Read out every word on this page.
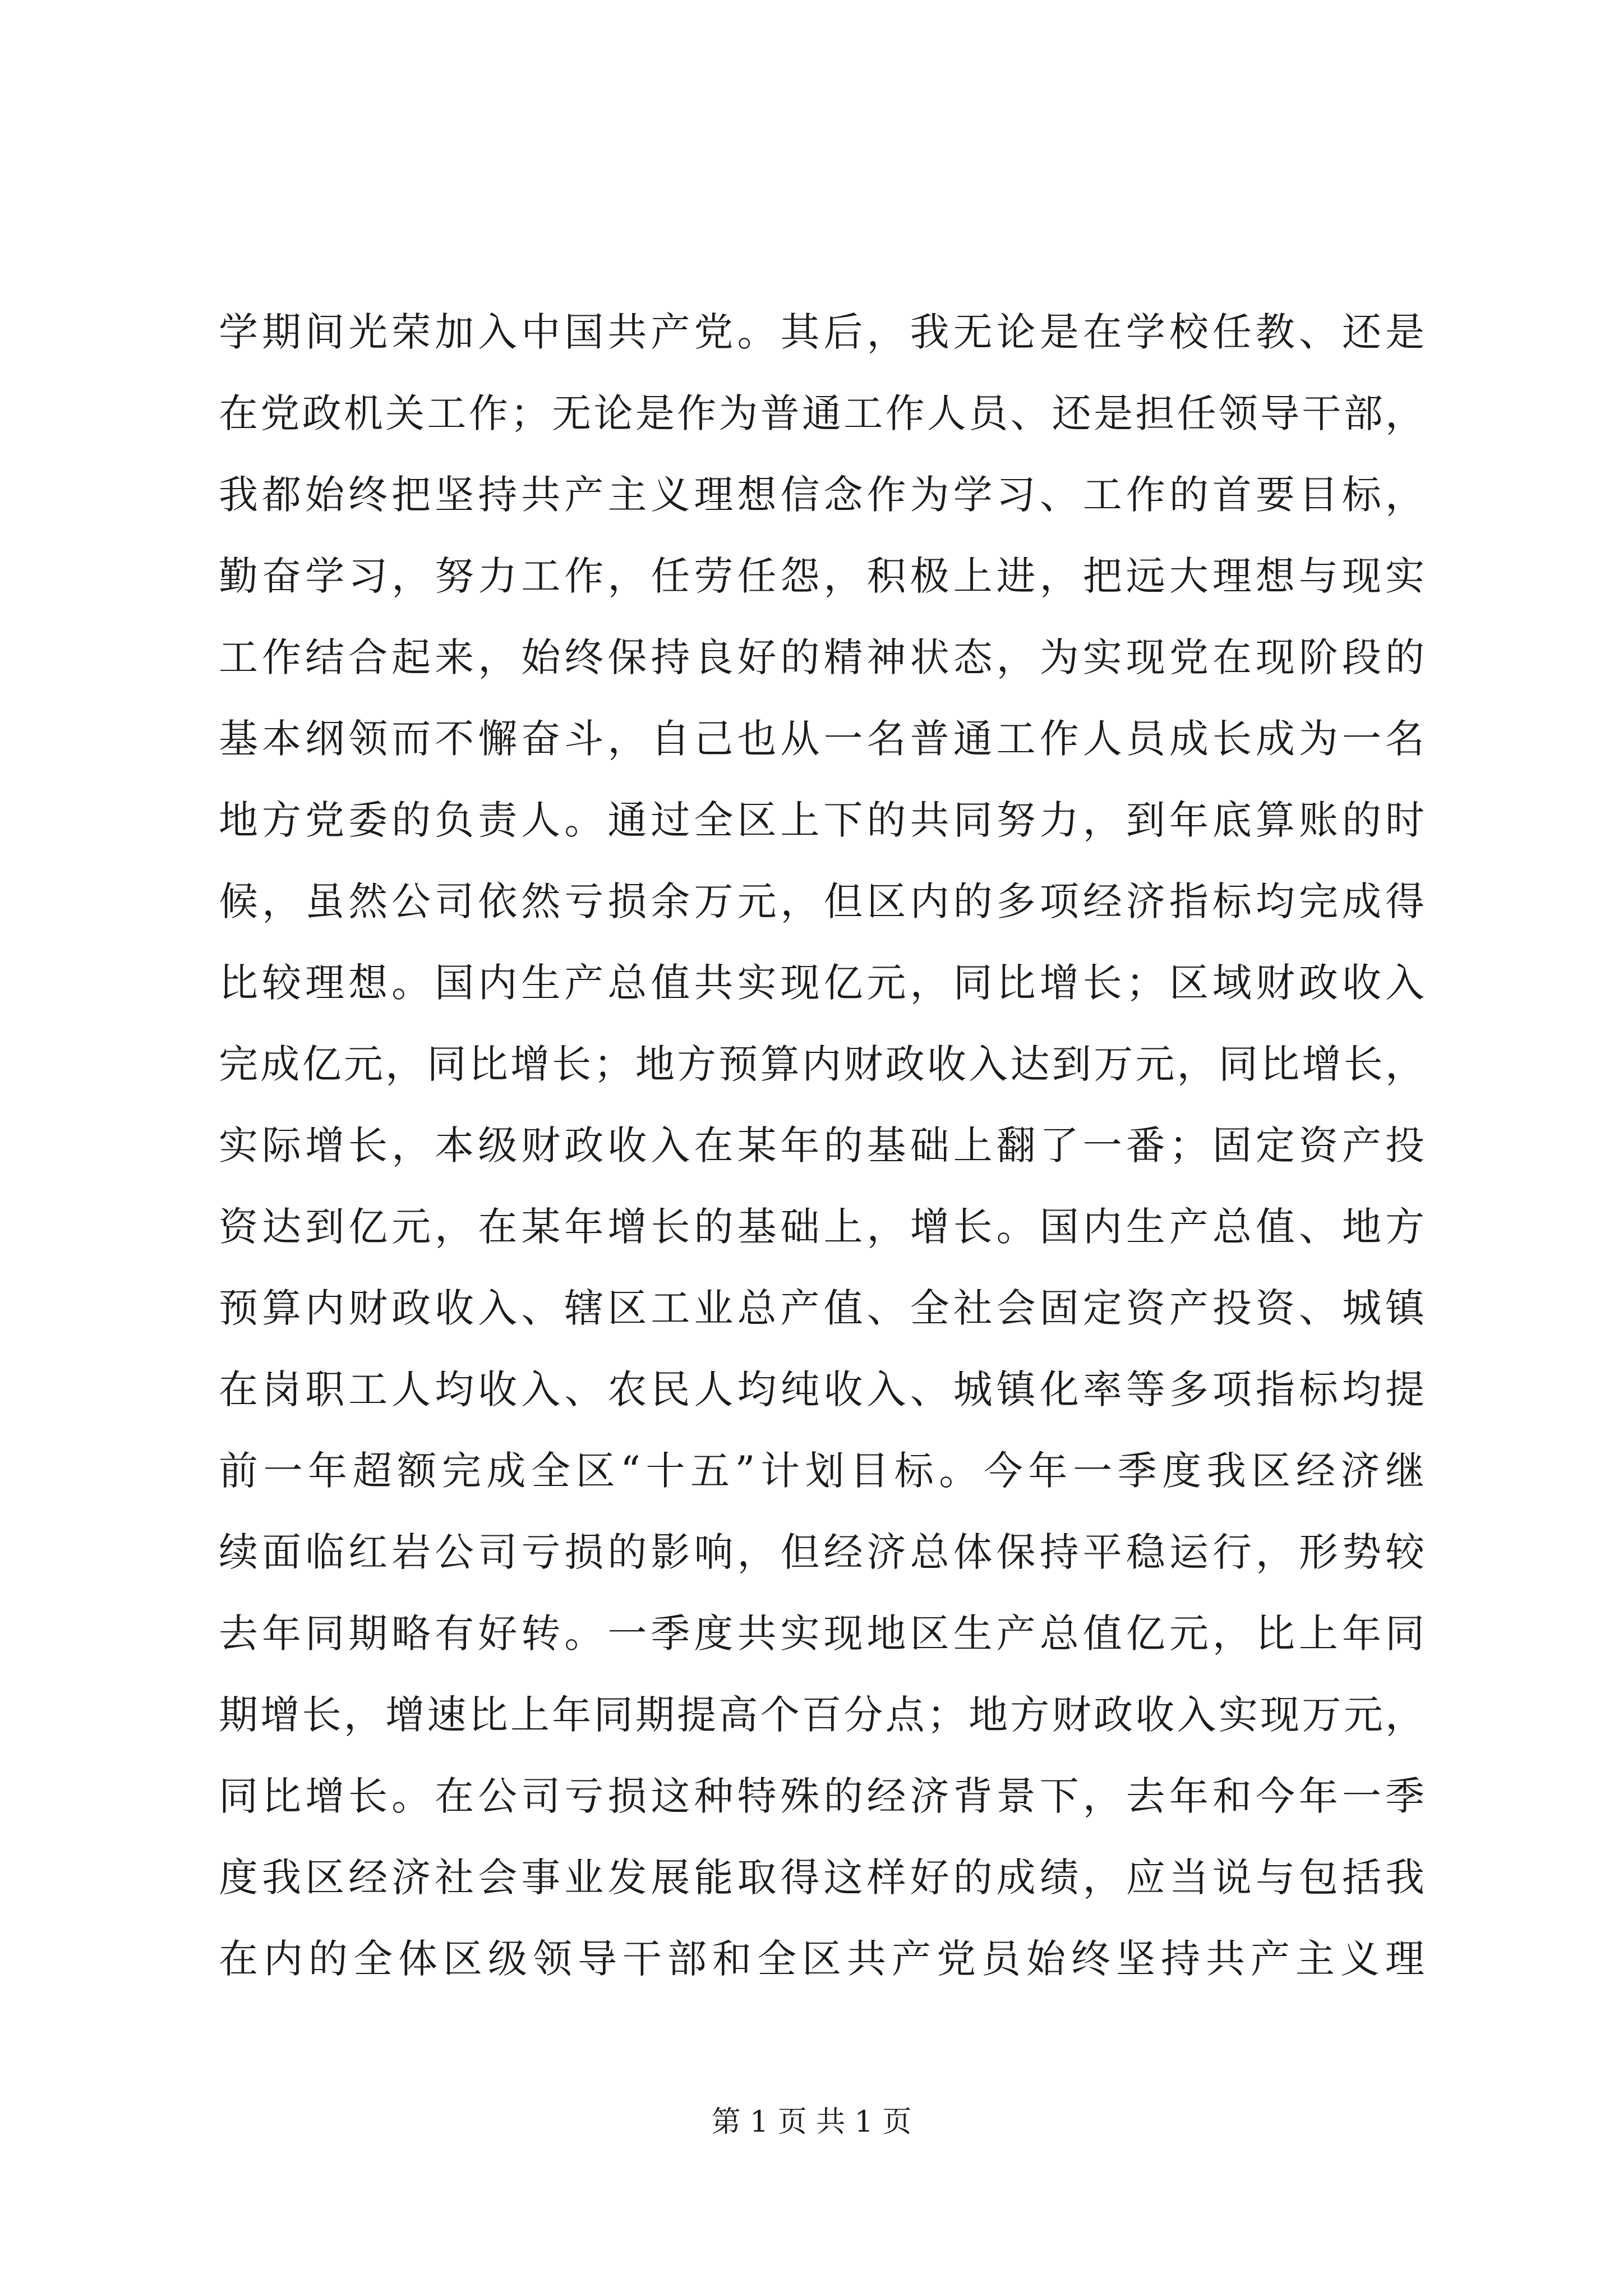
学期间光荣加入中国共产党。其后，我无论是在学校任教、还是
在党政机关工作；无论是作为普通工作人员、还是担任领导干部，
我都始终把坚持共产主义理想信念作为学习、工作的首要目标，
勤奋学习，努力工作，任劳任怨，积极上进，把远大理想与现实
工作结合起来，始终保持良好的精神状态，为实现党在现阶段的
基本纲领而不懈奋斗，自己也从一名普通工作人员成长成为一名
地方党委的负责人。通过全区上下的共同努力，到年底算账的时
候，虽然公司依然亏损余万元，但区内的多项经济指标均完成得
比较理想。国内生产总值共实现亿元，同比增长；区域财政收入
完成亿元，同比增长；地方预算内财政收入达到万元，同比增长，
实际增长，本级财政收入在某年的基础上翻了一番；固定资产投
资达到亿元，在某年增长的基础上，增长。国内生产总值、地方
预算内财政收入、辖区工业总产值、全社会固定资产投资、城镇
在岗职工人均收入、农民人均纯收入、城镇化率等多项指标均提
前一年超额完成全区“十五”计划目标。今年一季度我区经济继
续面临红岩公司亏损的影响，但经济总体保持平稳运行，形势较
去年同期略有好转。一季度共实现地区生产总值亿元，比上年同
期增长，增速比上年同期提高个百分点；地方财政收入实现万元，
同比增长。在公司亏损这种特殊的经济背景下，去年和今年一季
度我区经济社会事业发展能取得这样好的成绩，应当说与包括我
在内的全体区级领导干部和全区共产党员始终坚持共产主义理
第 1 页 共 1 页
